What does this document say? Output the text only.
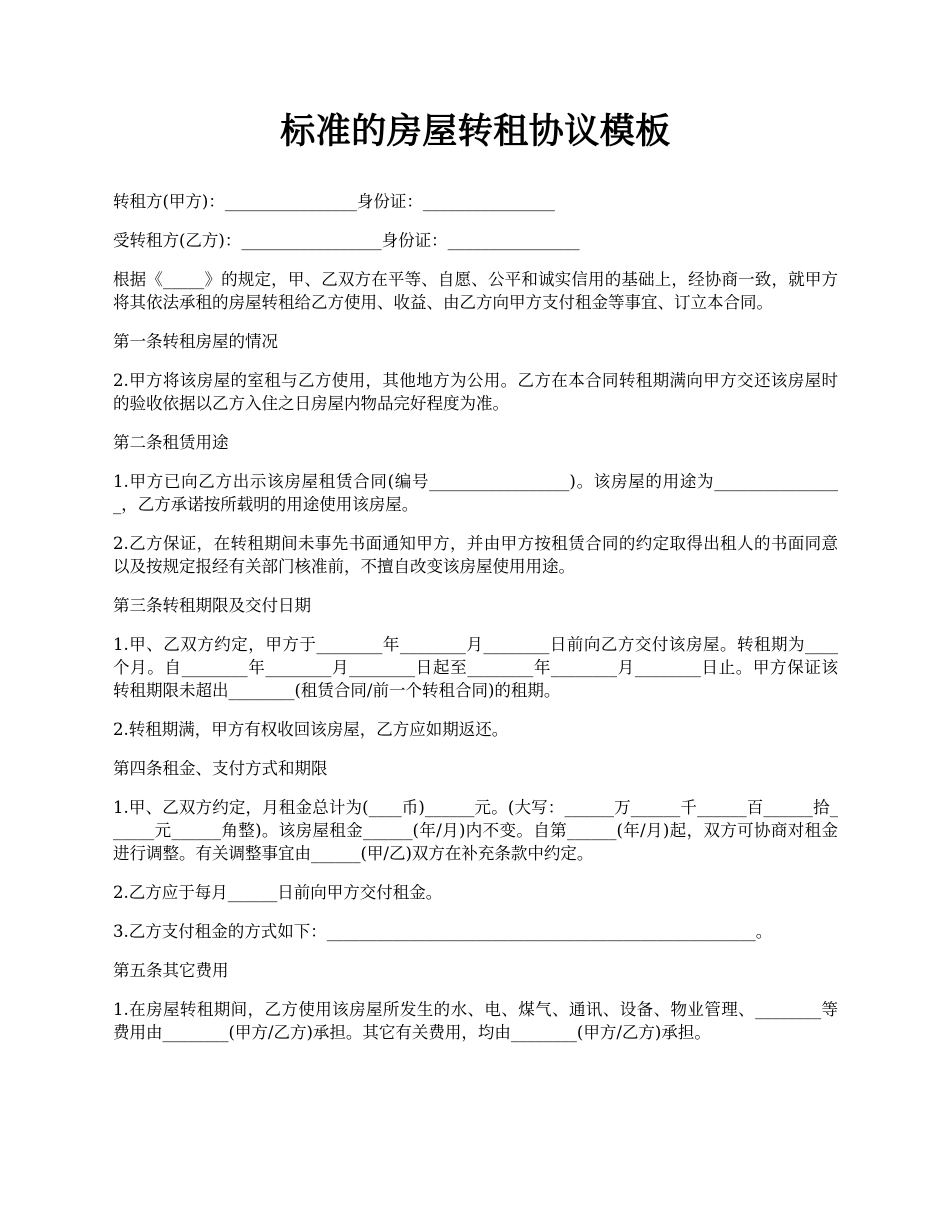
标准的房屋转租协议模板

转租方(甲方)：________________身份证：________________

受转租方(乙方)：_________________身份证：________________

根据《_____》的规定，甲、乙双方在平等、自愿、公平和诚实信用的基础上，经协商一致，就甲方将其依法承租的房屋转租给乙方使用、收益、由乙方向甲方支付租金等事宜、订立本合同。

第一条转租房屋的情况

2.甲方将该房屋的室租与乙方使用，其他地方为公用。乙方在本合同转租期满向甲方交还该房屋时的验收依据以乙方入住之日房屋内物品完好程度为准。

第二条租赁用途

1.甲方已向乙方出示该房屋租赁合同(编号_________________)。该房屋的用途为________________，乙方承诺按所载明的用途使用该房屋。

2.乙方保证，在转租期间未事先书面通知甲方，并由甲方按租赁合同的约定取得出租人的书面同意以及按规定报经有关部门核准前，不擅自改变该房屋使用用途。

第三条转租期限及交付日期

1.甲、乙双方约定，甲方于________年________月________日前向乙方交付该房屋。转租期为____个月。自________年________月________日起至________年________月________日止。甲方保证该转租期限未超出________(租赁合同/前一个转租合同)的租期。

2.转租期满，甲方有权收回该房屋，乙方应如期返还。

第四条租金、支付方式和期限

1.甲、乙双方约定，月租金总计为(____币)______元。(大写：______万______千______百______拾______元______角整)。该房屋租金______(年/月)内不变。自第______(年/月)起，双方可协商对租金进行调整。有关调整事宜由______(甲/乙)双方在补充条款中约定。

2.乙方应于每月______日前向甲方交付租金。

3.乙方支付租金的方式如下：____________________________________________________。

第五条其它费用

1.在房屋转租期间，乙方使用该房屋所发生的水、电、煤气、通讯、设备、物业管理、________等费用由________(甲方/乙方)承担。其它有关费用，均由________(甲方/乙方)承担。
